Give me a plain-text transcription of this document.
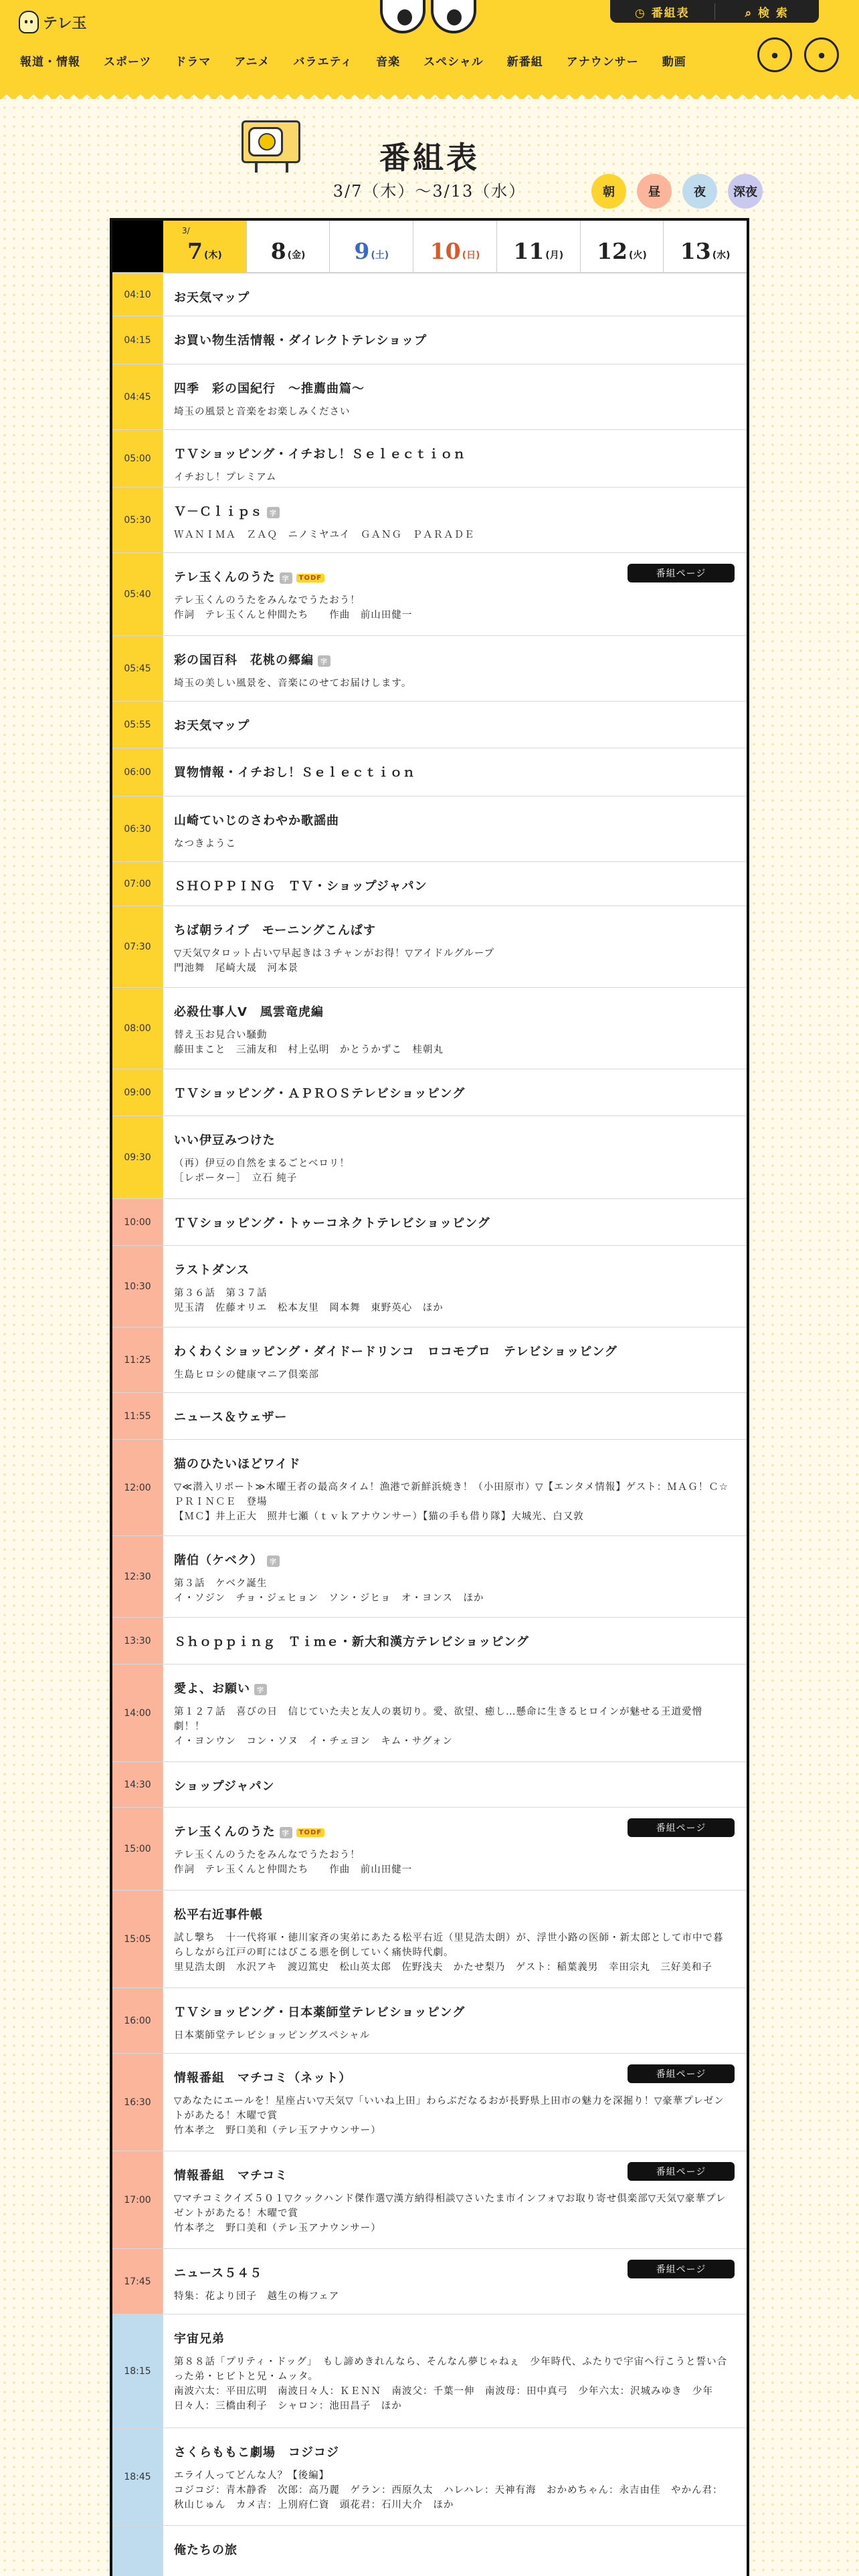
テレ玉
◷ 番組表	⌕ 検 索
報道・情報 スポーツ ドラマ アニメ バラエティ 音楽 スペシャル 新番組 アナウンサー 動画
●	●
番組表
3/7（木）～3/13（水）	朝	昼	夜	深夜
3/
7 (木) 8 (金) 9 (土) 10 (日) 11 (月) 12 (火) 13 (水)
04:10	お天気マップ
04:15	お買い物生活情報・ダイレクトテレショップ
04:45
四季　彩の国紀行　～推薦曲篇～
埼玉の風景と音楽をお楽しみください
05:00	ＴＶショッピング・イチおし！Ｓｅｌｅｃｔｉｏｎ
イチおし！プレミアム
05:30
Ｖ－Ｃｌｉｐｓ 字
ＷＡＮＩＭＡ　ＺＡＱ　ニノミヤユイ　ＧＡＮＧ　ＰＡＲＡＤＥ
05:40
テレ玉くんのうた 字 TODF
テレ玉くんのうたをみんなでうたおう！
作詞　テレ玉くんと仲間たち　　作曲　前山田健一
番組ページ
05:45
彩の国百科　花桃の郷編 字
埼玉の美しい風景を、音楽にのせてお届けします。
05:55	お天気マップ
06:00	買物情報・イチおし！Ｓｅｌｅｃｔｉｏｎ
06:30
山崎ていじのさわやか歌謡曲
なつきようこ
07:00	ＳＨＯＰＰＩＮＧ　ＴＶ・ショップジャパン
07:30
ちば朝ライブ　モーニングこんぱす
▽天気▽タロット占い▽早起きは３チャンがお得！▽アイドルグループ
門池舞　尾崎大晟　河本景
08:00
必殺仕事人Ⅴ　風雲竜虎編
替え玉お見合い騒動
藤田まこと　三浦友和　村上弘明　かとうかずこ　桂朝丸
09:00	ＴＶショッピング・ＡＰＲＯＳテレビショッピング
09:30
いい伊豆みつけた
（再）伊豆の自然をまるごとべロリ！
［レポーター］　立石 純子
10:00	ＴＶショッピング・トゥーコネクトテレビショッピング
10:30
ラストダンス
第３６話　第３７話
児玉清　佐藤オリエ　松本友里　岡本舞　東野英心　ほか
11:25
わくわくショッピング・ダイドードリンコ　ロコモプロ　テレビショッピング
生島ヒロシの健康マニア倶楽部
11:55	ニュース＆ウェザー
12:00
猫のひたいほどワイド
▽≪潜入リポート≫木曜王者の最高タイム！漁港で新鮮浜焼き！（小田原市）▽【エンタメ情報】ゲスト：ＭＡＧ！Ｃ☆ＰＲＩＮＣＥ　登場
【ＭＣ】井上正大　照井七瀬（ｔｖｋアナウンサー）【猫の手も借り隊】大城光、白又敦
12:30
階伯（ケベク） 字
第３話　ケベク誕生
イ・ソジン　チョ・ジェヒョン　ソン・ジヒョ　オ・ヨンス　ほか
13:30	Ｓｈｏｐｐｉｎｇ　Ｔｉｍｅ・新大和漢方テレビショッピング
14:00
愛よ、お願い 字
第１２７話　喜びの日　信じていた夫と友人の裏切り。愛、欲望、癒し…懸命に生きるヒロインが魅せる王道愛憎劇！！
イ・ヨンウン　コン・ソヌ　イ・チェヨン　キム・サグォン
14:30	ショップジャパン
15:00
テレ玉くんのうた 字 TODF
テレ玉くんのうたをみんなでうたおう！
作詞　テレ玉くんと仲間たち　　作曲　前山田健一
番組ページ
15:05
松平右近事件帳
試し撃ち　十一代将軍・徳川家斉の実弟にあたる松平右近（里見浩太朗）が、浮世小路の医師・新太郎として市中で暮らしながら江戸の町にはびこる悪を倒していく痛快時代劇。
里見浩太朗　水沢アキ　渡辺篤史　松山英太郎　佐野浅夫　かたせ梨乃　ゲスト：稲葉義男　幸田宗丸　三好美和子
16:00
ＴＶショッピング・日本薬師堂テレビショッピング
日本薬師堂テレビショッピングスペシャル
16:30
情報番組　マチコミ（ネット）
▽あなたにエールを！星座占い▽天気▽「いいね上田」わらぶだなるおが長野県上田市の魅力を深掘り！▽豪華プレゼントがあたる！木曜で賞
竹本孝之　野口美和（テレ玉アナウンサー）
番組ページ
17:00
情報番組　マチコミ
▽マチコミクイズ５０１▽クックハンド傑作選▽漢方納得相談▽さいたま市インフォ▽お取り寄せ倶楽部▽天気▽豪華プレゼントがあたる！木曜で賞
竹本孝之　野口美和（テレ玉アナウンサー）
番組ページ
17:45
ニュース５４５
特集：花より団子　越生の梅フェア
番組ページ
18:15
宇宙兄弟
第８８話「プリティ・ドッグ」　もし諦めきれんなら、そんなん夢じゃねぇ　少年時代、ふたりで宇宙へ行こうと誓い合った弟・ヒビトと兄・ムッタ。
南波六太：平田広明　南波日々人：ＫＥＮＮ　南波父：千葉一伸　南波母：田中真弓　少年六太：沢城みゆき　少年日々人：三橋由利子　シャロン：池田昌子　ほか
18:45
さくらももこ劇場　コジコジ
エライ人ってどんな人？【後編】
コジコジ：青木静香　次郎：高乃麗　ゲラン：西原久太　ハレハレ：天神有海　おかめちゃん：永吉由佳　やかん君：秋山じゅん　カメ吉：上別府仁資　頭花君：石川大介　ほか
俺たちの旅
